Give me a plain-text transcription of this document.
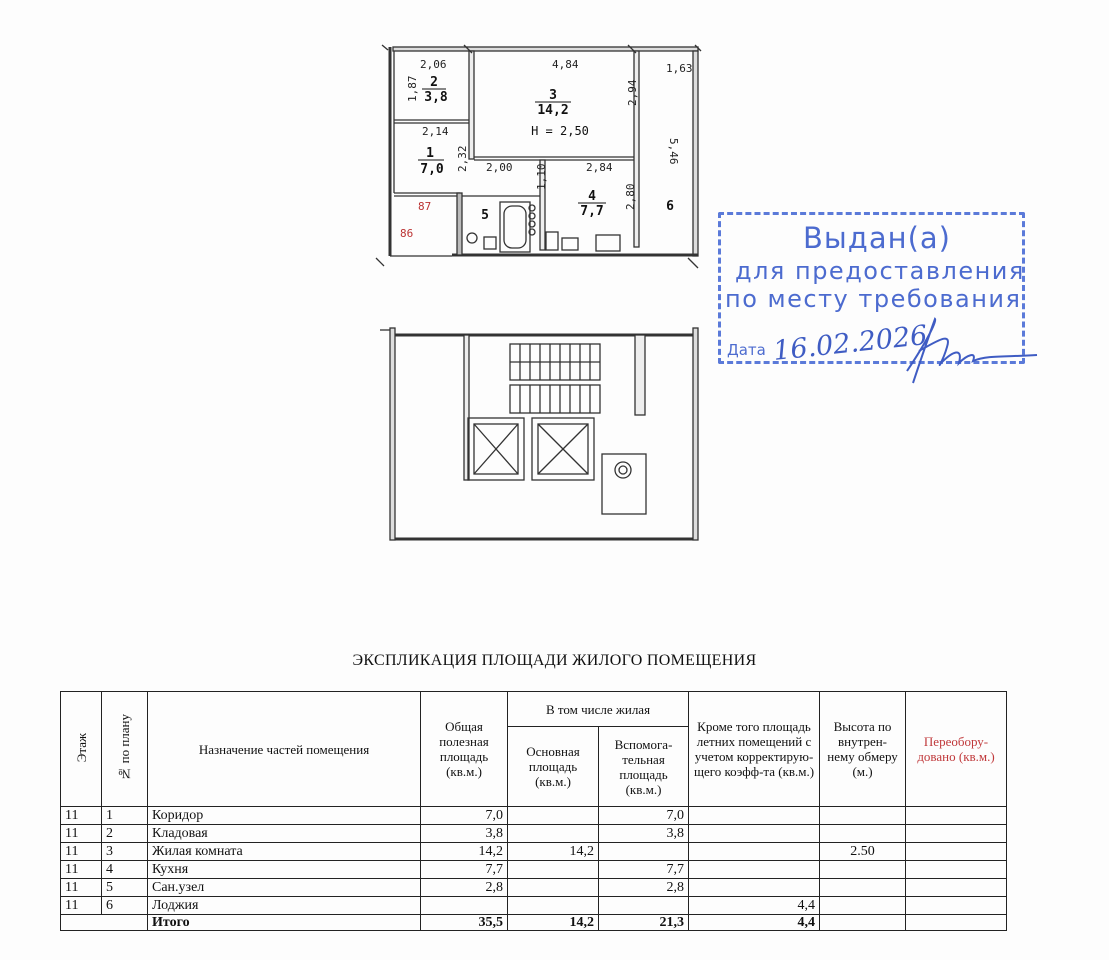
2,06
1,87
4,84	1,63
2,94
5,46
2,14
2,32 2,00 1,10	2,84
2,80
87
86
2
3,8	3
14,2
H = 2,50
1
7,0
4
7,7
5
6
Выдан(а)
для предоставления
по месту требования
Дата 16.02.2026
ЭКСПЛИКАЦИЯ ПЛОЩАДИ ЖИЛОГО ПОМЕЩЕНИЯ
Этаж	№ по плану	Назначение частей помещения	Общая полезная площадь (кв.м.)	В том числе жилая		Кроме того площадь летних помещений с учетом корректирую- щего коэфф-та (кв.м.)	Высота по внутрен- нему обмеру (м.)	Переобору- довано (кв.м.)
				Основная площадь (кв.м.)	Вспомога- тельная площадь (кв.м.)			
11	1	Коридор	7,0		7,0			
11	2	Кладовая	3,8		3,8			
11	3	Жилая комната	14,2	14,2			2.50	
11	4	Кухня	7,7		7,7			
11	5	Сан.узел	2,8		2,8			
11	6	Лоджия				4,4		
		Итого	35,5	14,2	21,3	4,4		
